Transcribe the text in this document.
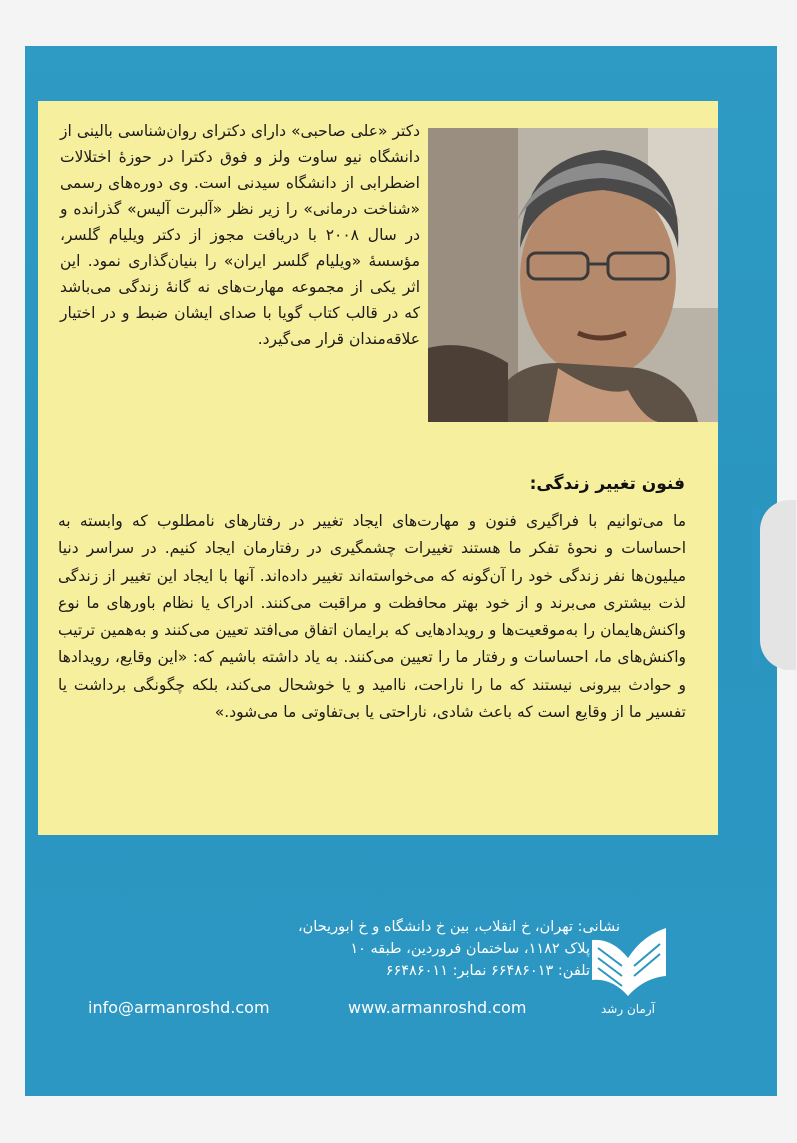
دکتر «علی صاحبی» دارای دکترای روان‌شناسی بالینی از دانشگاه نیو ساوت ولز و فوق دکترا در حوزهٔ اختلالات اضطرابی از دانشگاه سیدنی است. وی دوره‌های رسمی «شناخت درمانی» را زیر نظر «آلبرت آلیس» گذرانده و در سال ۲۰۰۸ با دریافت مجوز از دکتر ویلیام گلسر، مؤسسهٔ «ویلیام گلسر ایران» را بنیان‌گذاری نمود. این اثر یکی از مجموعه مهارت‌های نه گانهٔ زندگی می‌باشد که در قالب کتاب گویا با صدای ایشان ضبط و در اختیار علاقه‌مندان قرار می‌گیرد.
فنون تغییر زندگی:
ما می‌توانیم با فراگیری فنون و مهارت‌های ایجاد تغییر در رفتارهای نامطلوب که وابسته به احساسات و نحوهٔ تفکر ما هستند تغییرات چشمگیری در رفتارمان ایجاد کنیم. در سراسر دنیا میلیون‌ها نفر زندگی خود را آن‌گونه که می‌خواسته‌اند تغییر داده‌اند. آنها با ایجاد این تغییر از زندگی لذت بیشتری می‌برند و از خود بهتر محافظت و مراقبت می‌کنند. ادراک یا نظام باورهای ما نوع واکنش‌هایمان را به‌موقعیت‌ها و رویدادهایی که برایمان اتفاق می‌افتد تعیین می‌کنند و به‌همین ترتیب واکنش‌های ما، احساسات و رفتار ما را تعیین می‌کنند. به یاد داشته باشیم که: «این وقایع، رویدادها و حوادث بیرونی نیستند که ما را ناراحت، ناامید و یا خوشحال می‌کند، بلکه چگونگی برداشت یا تفسیر ما از وقایع است که باعث شادی، ناراحتی یا بی‌تفاوتی ما می‌شود.»
نشانی: تهران، خ انقلاب، بین خ دانشگاه و خ ابوریحان،
پلاک ۱۱۸۲، ساختمان فروردین، طبقه ۱۰
تلفن: ۶۶۴۸۶۰۱۳ نمابر: ۶۶۴۸۶۰۱۱
info@armanroshd.com	www.armanroshd.com	آرمان رشد
